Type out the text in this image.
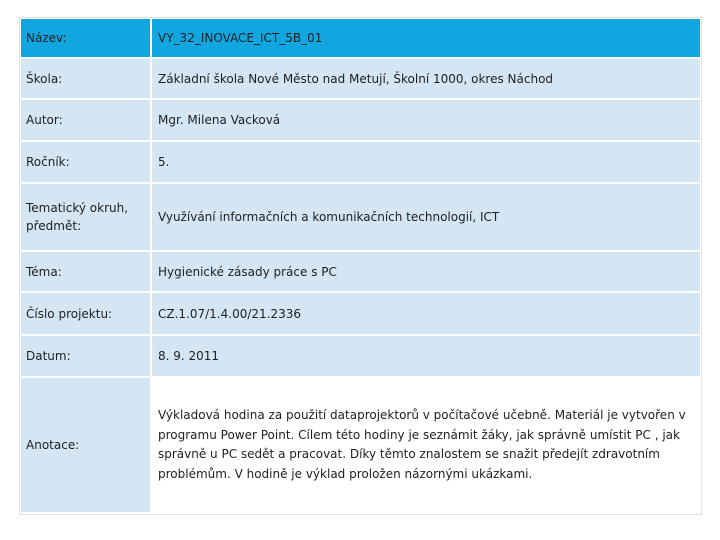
Název:	VY_32_INOVACE_ICT_5B_01
Škola:	Základní škola Nové Město nad Metují, Školní 1000, okres Náchod
Autor:	Mgr. Milena Vacková
Ročník:	5.
Tematický okruh, předmět:	Využívání informačních a komunikačních technologií, ICT
Téma:	Hygienické zásady práce s PC
Číslo projektu:	CZ.1.07/1.4.00/21.2336
Datum:	8. 9. 2011
Anotace:	Výkladová hodina za použití dataprojektorů v počítačové učebně. Materiál je vytvořen v programu Power Point. Cílem této hodiny je seznámit žáky, jak správně umístit PC , jak správně u PC sedět a pracovat. Díky těmto znalostem se snažit předejít zdravotním problémům. V hodině je výklad proložen názornými ukázkami.
